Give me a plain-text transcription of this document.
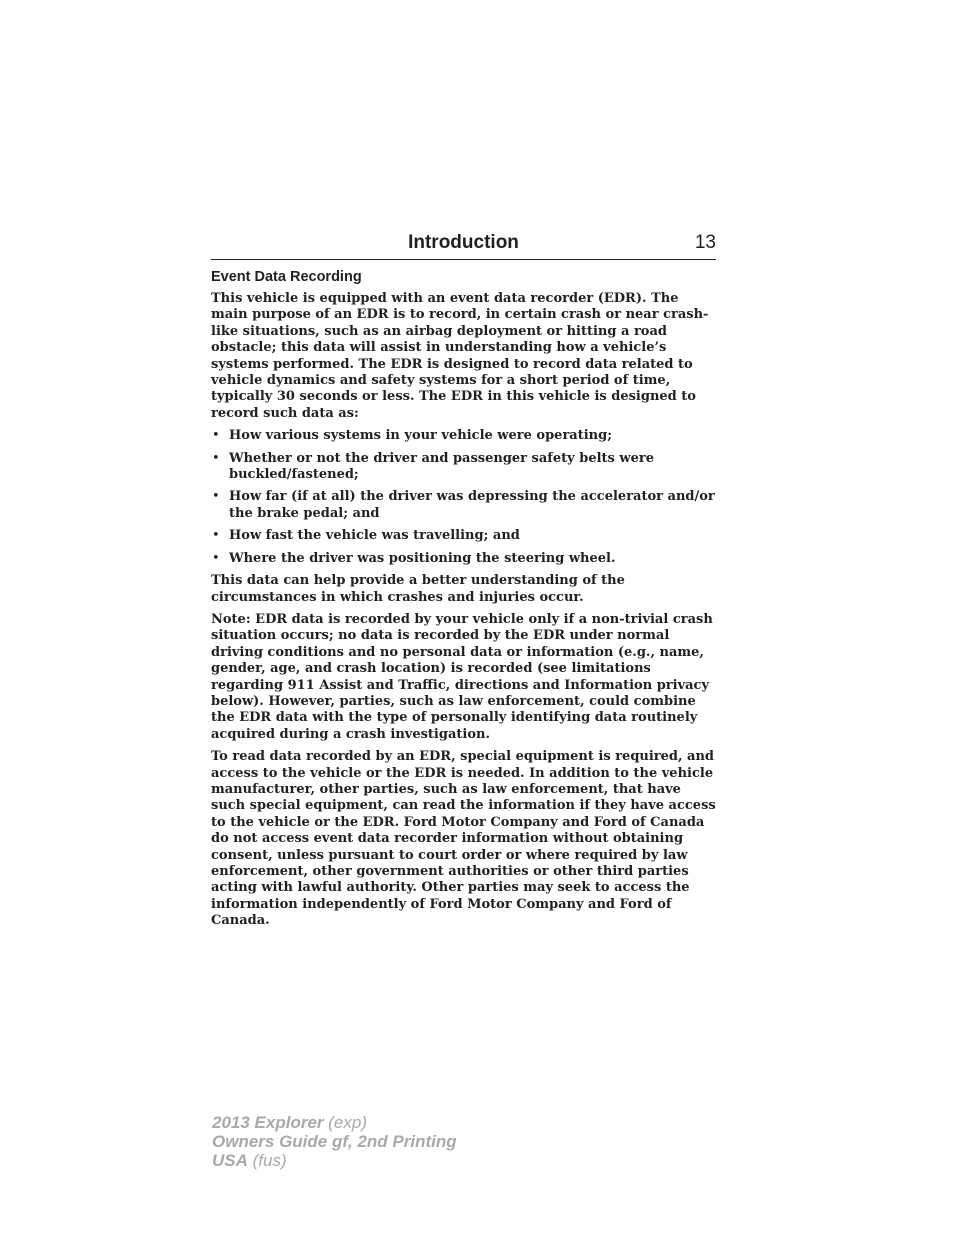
Introduction	13
Event Data Recording

This vehicle is equipped with an event data recorder (EDR). The main purpose of an EDR is to record, in certain crash or near crash-like situations, such as an airbag deployment or hitting a road obstacle; this data will assist in understanding how a vehicle’s systems performed. The EDR is designed to record data related to vehicle dynamics and safety systems for a short period of time, typically 30 seconds or less. The EDR in this vehicle is designed to record such data as:

• How various systems in your vehicle were operating;
• Whether or not the driver and passenger safety belts were buckled/fastened;
• How far (if at all) the driver was depressing the accelerator and/or the brake pedal; and
• How fast the vehicle was travelling; and
• Where the driver was positioning the steering wheel.

This data can help provide a better understanding of the circumstances in which crashes and injuries occur.

Note: EDR data is recorded by your vehicle only if a non-trivial crash situation occurs; no data is recorded by the EDR under normal driving conditions and no personal data or information (e.g., name, gender, age, and crash location) is recorded (see limitations regarding 911 Assist and Traffic, directions and Information privacy below). However, parties, such as law enforcement, could combine the EDR data with the type of personally identifying data routinely acquired during a crash investigation.

To read data recorded by an EDR, special equipment is required, and access to the vehicle or the EDR is needed. In addition to the vehicle manufacturer, other parties, such as law enforcement, that have such special equipment, can read the information if they have access to the vehicle or the EDR. Ford Motor Company and Ford of Canada do not access event data recorder information without obtaining consent, unless pursuant to court order or where required by law enforcement, other government authorities or other third parties acting with lawful authority. Other parties may seek to access the information independently of Ford Motor Company and Ford of Canada.

2013 Explorer (exp)
Owners Guide gf, 2nd Printing
USA (fus)
